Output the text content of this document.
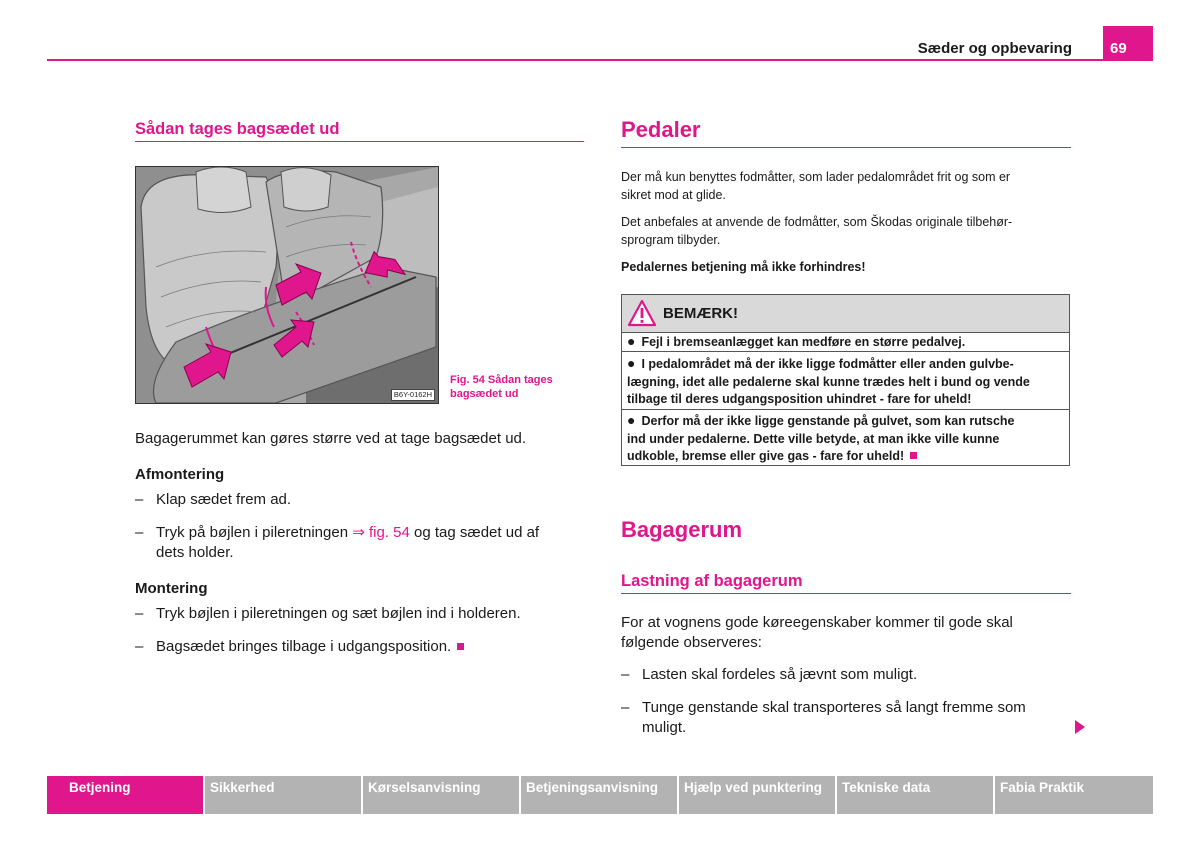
Sæder og opbevaring	69
Sådan tages bagsædet ud
B6Y-0162H
Fig. 54 Sådan tages
bagsædet ud
Bagagerummet kan gøres større ved at tage bagsædet ud.
Afmontering
– Klap sædet frem ad.
– Tryk på bøjlen i pileretningen ⇒ fig. 54 og tag sædet ud af
dets holder.
Montering
– Tryk bøjlen i pileretningen og sæt bøjlen ind i holderen.
– Bagsædet bringes tilbage i udgangsposition.
Pedaler
Der må kun benyttes fodmåtter, som lader pedalområdet frit og som er
sikret mod at glide.
Det anbefales at anvende de fodmåtter, som Škodas originale tilbehør-
sprogram tilbyder.
Pedalernes betjening må ikke forhindres!
BEMÆRK!
● Fejl i bremseanlægget kan medføre en større pedalvej.
● I pedalområdet må der ikke ligge fodmåtter eller anden gulvbe-
lægning, idet alle pedalerne skal kunne trædes helt i bund og vende
tilbage til deres udgangsposition uhindret - fare for uheld!
● Derfor må der ikke ligge genstande på gulvet, som kan rutsche
ind under pedalerne. Dette ville betyde, at man ikke ville kunne
udkoble, bremse eller give gas - fare for uheld!
Bagagerum
Lastning af bagagerum
For at vognens gode køreegenskaber kommer til gode skal
følgende observeres:
– Lasten skal fordeles så jævnt som muligt.
– Tunge genstande skal transporteres så langt fremme som
muligt.
Betjening	Sikkerhed	Kørselsanvisning	Betjeningsanvisning	Hjælp ved punktering	Tekniske data	Fabia Praktik
